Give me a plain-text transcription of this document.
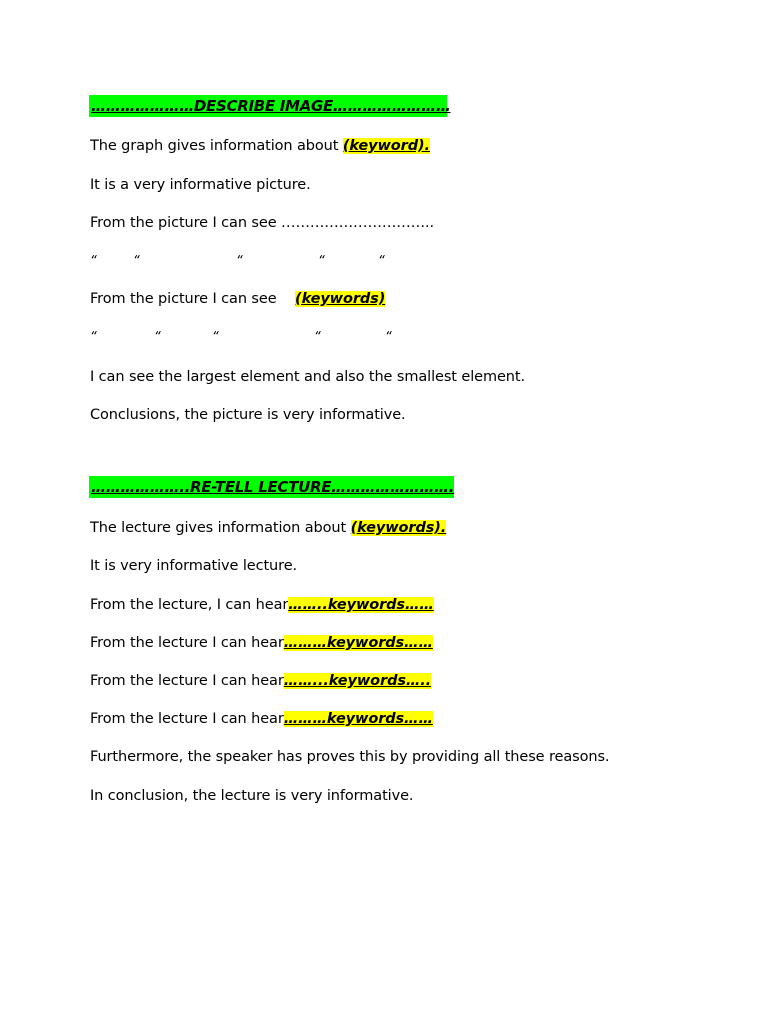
…………………DESCRIBE IMAGE……………………
The graph gives information about (keyword).
It is a very informative picture.
From the picture I can see …………………………..
“	“	“	“	“
From the picture I can see (keywords)
“	“	“	“	“
I can see the largest element and also the smallest element.
Conclusions, the picture is very informative.
………………..RE-TELL LECTURE…………………….
The lecture gives information about (keywords).
It is very informative lecture.
From the lecture, I can hear……..keywords……
From the lecture I can hear………keywords……
From the lecture I can hear……...keywords…..
From the lecture I can hear………keywords……
Furthermore, the speaker has proves this by providing all these reasons.
In conclusion, the lecture is very informative.
